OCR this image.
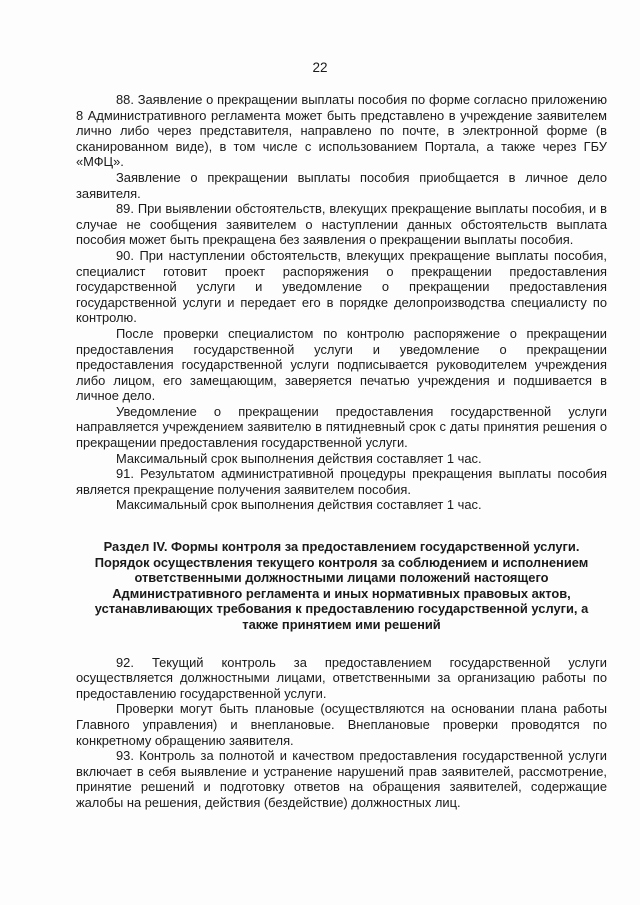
22

88. Заявление о прекращении выплаты пособия по форме согласно приложению 8 Административного регламента может быть представлено в учреждение заявителем лично либо через представителя, направлено по почте, в электронной форме (в сканированном виде), в том числе с использованием Портала, а также через ГБУ «МФЦ».

Заявление о прекращении выплаты пособия приобщается в личное дело заявителя.

89. При выявлении обстоятельств, влекущих прекращение выплаты пособия, и в случае не сообщения заявителем о наступлении данных обстоятельств выплата пособия может быть прекращена без заявления о прекращении выплаты пособия.

90. При наступлении обстоятельств, влекущих прекращение выплаты пособия, специалист готовит проект распоряжения о прекращении предоставления государственной услуги и уведомление о прекращении предоставления государственной услуги и передает его в порядке делопроизводства специалисту по контролю.

После проверки специалистом по контролю распоряжение о прекращении предоставления государственной услуги и уведомление о прекращении предоставления государственной услуги подписывается руководителем учреждения либо лицом, его замещающим, заверяется печатью учреждения и подшивается в личное дело.

Уведомление о прекращении предоставления государственной услуги направляется учреждением заявителю в пятидневный срок с даты принятия решения о прекращении предоставления государственной услуги.

Максимальный срок выполнения действия составляет 1 час.

91. Результатом административной процедуры прекращения выплаты пособия является прекращение получения заявителем пособия.

Максимальный срок выполнения действия составляет 1 час.

Раздел IV. Формы контроля за предоставлением государственной услуги. Порядок осуществления текущего контроля за соблюдением и исполнением ответственными должностными лицами положений настоящего Административного регламента и иных нормативных правовых актов, устанавливающих требования к предоставлению государственной услуги, а также принятием ими решений

92. Текущий контроль за предоставлением государственной услуги осуществляется должностными лицами, ответственными за организацию работы по предоставлению государственной услуги.

Проверки могут быть плановые (осуществляются на основании плана работы Главного управления) и внеплановые. Внеплановые проверки проводятся по конкретному обращению заявителя.

93. Контроль за полнотой и качеством предоставления государственной услуги включает в себя выявление и устранение нарушений прав заявителей, рассмотрение, принятие решений и подготовку ответов на обращения заявителей, содержащие жалобы на решения, действия (бездействие) должностных лиц.
